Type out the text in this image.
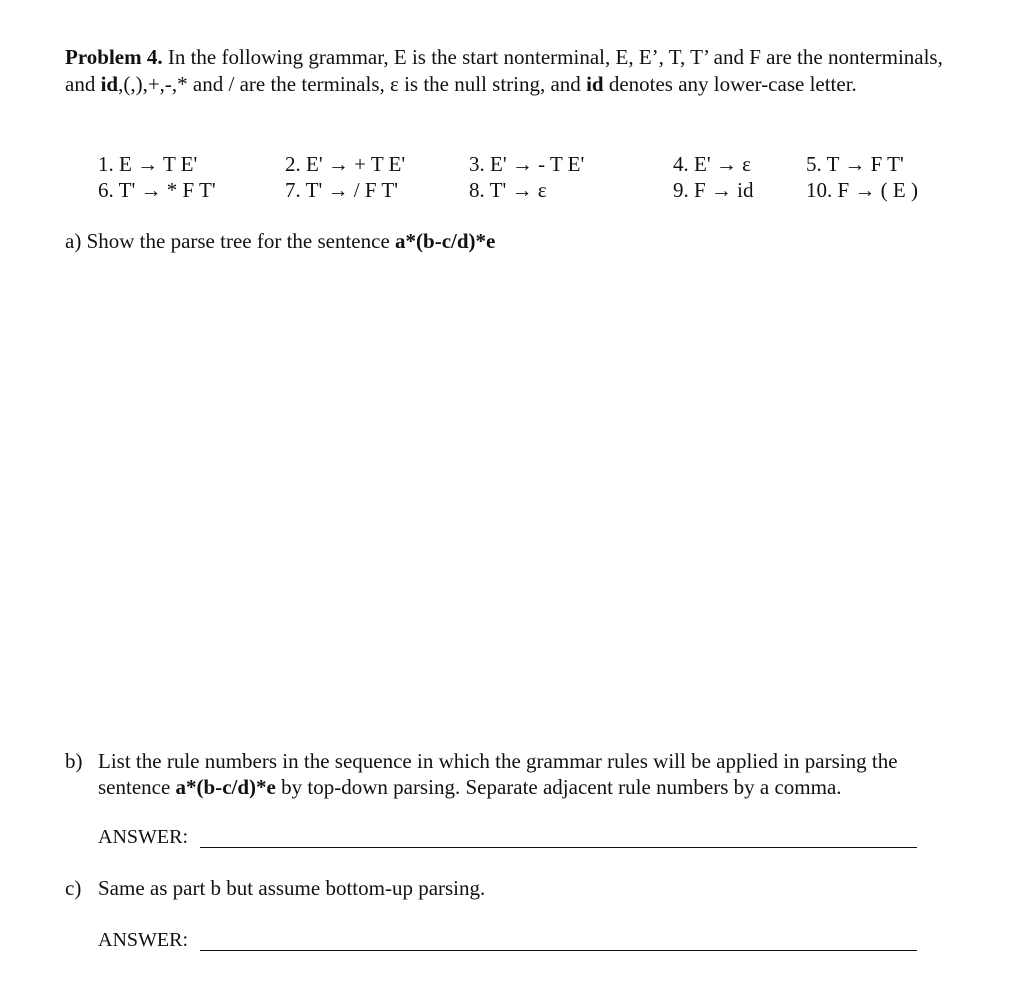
Problem 4. In the following grammar, E is the start nonterminal, E, E’, T, T’ and F are the nonterminals, and id,(,),+,-,* and / are the terminals, ε is the null string, and id denotes any lower-case letter.
1. E → T E'	2. E' → + T E'	3. E' → - T E'	4. E' → ε	5. T → F T'
6. T' → * F T'	7. T' → / F T'	8. T' → ε	9. F → id 10. F → ( E )
a) Show the parse tree for the sentence a*(b-c/d)*e
b) List the rule numbers in the sequence in which the grammar rules will be applied in parsing the sentence a*(b-c/d)*e by top-down parsing. Separate adjacent rule numbers by a comma.
ANSWER:
c) Same as part b but assume bottom-up parsing.
ANSWER:
